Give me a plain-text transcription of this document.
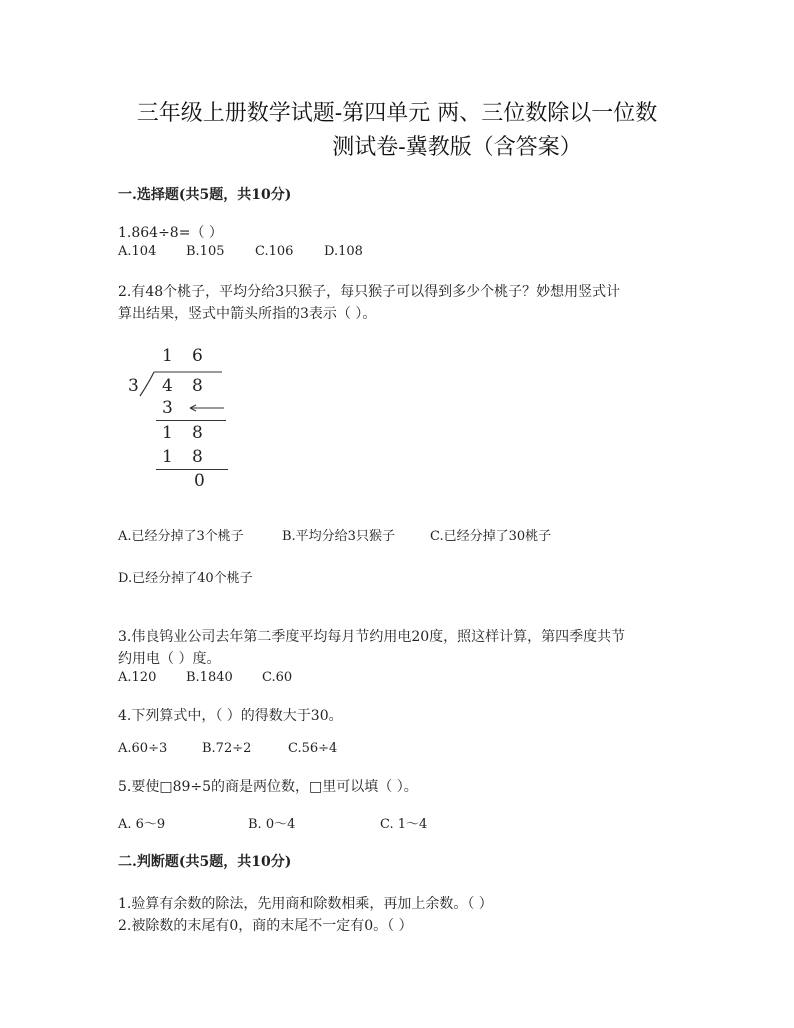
三年级上册数学试题-第四单元 两、三位数除以一位数
测试卷-冀教版（含答案）
一.选择题(共5题，共10分)
1.864÷8=（ ）
A.104 B.105 C.106 D.108
2.有48个桃子，平均分给3只猴子，每只猴子可以得到多少个桃子？妙想用竖式计
算出结果，竖式中箭头所指的3表示（ ）。
1 6
3 4 8
3
1 8
1 8
0
A.已经分掉了3个桃子	B.平均分给3只猴子	C.已经分掉了30桃子
D.已经分掉了40个桃子
3.伟良钨业公司去年第二季度平均每月节约用电20度，照这样计算，第四季度共节
约用电（ ）度。
A.120 B.1840 C.60
4.下列算式中，（ ）的得数大于30。
A.60÷3	B.72÷2	C.56÷4
5.要使□89÷5的商是两位数，□里可以填（ ）。
A. 6～9	B. 0～4	C. 1～4
二.判断题(共5题，共10分)
1.验算有余数的除法，先用商和除数相乘，再加上余数。（ ）
2.被除数的末尾有0，商的末尾不一定有0。（ ）
